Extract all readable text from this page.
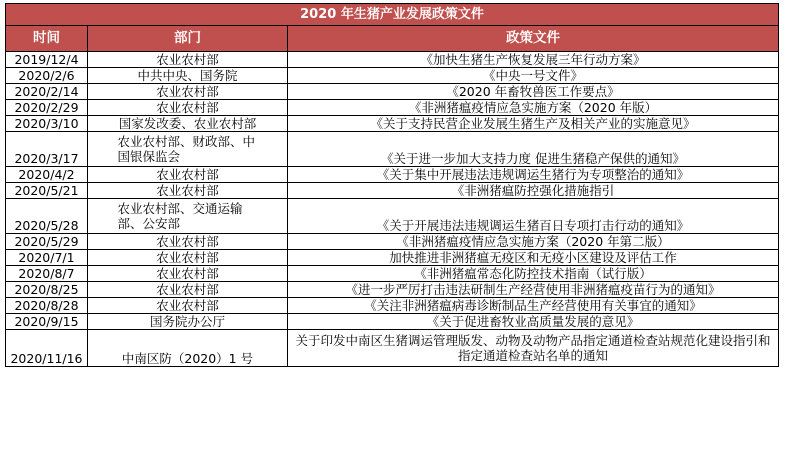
2020 年生猪产业发展政策文件		
时间	部门	政策文件
2019/12/4	农业农村部	《加快生猪生产恢复发展三年行动方案》
2020/2/6	中共中央、国务院	《中央一号文件》
2020/2/14	农业农村部	《2020 年畜牧兽医工作要点》
2020/2/29	农业农村部	《非洲猪瘟疫情应急实施方案（2020 年版）
2020/3/10	国家发改委、农业农村部	《关于支持民营企业发展生猪生产及相关产业的实施意见》
2020/3/17	农业农村部、财政部、中国银保监会	《关于进一步加大支持力度 促进生猪稳产保供的通知》
2020/4/2	农业农村部	《关于集中开展违法违规调运生猪行为专项整治的通知》
2020/5/21	农业农村部	《非洲猪瘟防控强化措施指引
2020/5/28	农业农村部、交通运输部、公安部	《关于开展违法违规调运生猪百日专项打击行动的通知》
2020/5/29	农业农村部	《非洲猪瘟疫情应急实施方案（2020 年第二版）
2020/7/1	农业农村部	加快推进非洲猪瘟无疫区和无疫小区建设及评估工作
2020/8/7	农业农村部	《非洲猪瘟常态化防控技术指南（试行版）
2020/8/25	农业农村部	《进一步严厉打击违法研制生产经营使用非洲猪瘟疫苗行为的通知》
2020/8/28	农业农村部	《关注非洲猪瘟病毒诊断制品生产经营使用有关事宜的通知》
2020/9/15	国务院办公厅	《关于促进畜牧业高质量发展的意见》
2020/11/16	中南区防（2020）1 号	关于印发中南区生猪调运管理版发、动物及动物产品指定通道检查站规范化建设指引和指定通道检查站名单的通知
